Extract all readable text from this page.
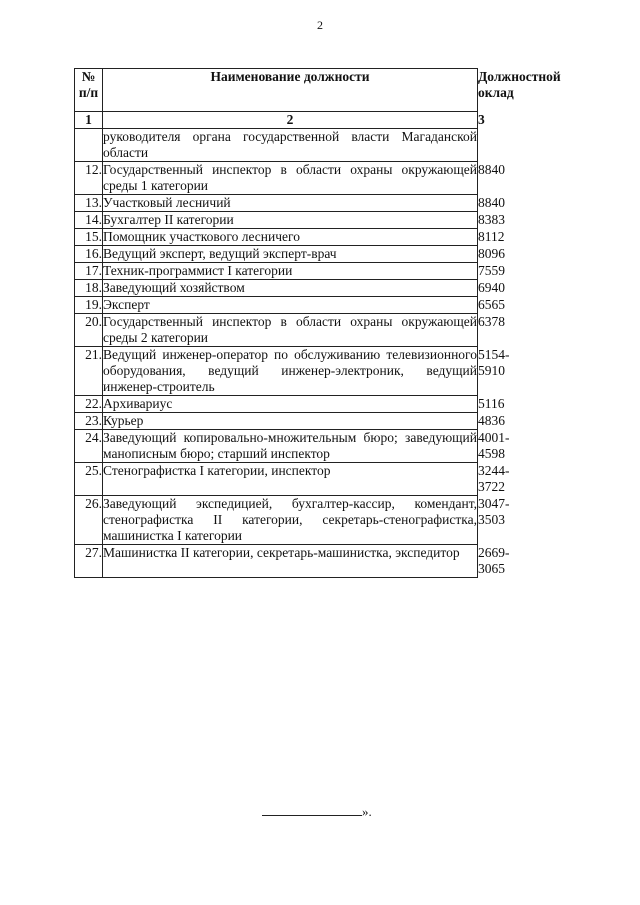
2
№ п/п	Наименование должности	Должностной оклад
1	2	3
	руководителя органа государственной власти Магаданской области	
12.	Государственный инспектор в области охраны окружающей среды 1 категории	8840
13.	Участковый лесничий	8840
14.	Бухгалтер II категории	8383
15.	Помощник участкового лесничего	8112
16.	Ведущий эксперт, ведущий эксперт-врач	8096
17.	Техник-программист I категории	7559
18.	Заведующий хозяйством	6940
19.	Эксперт	6565
20.	Государственный инспектор в области охраны окружающей среды 2 категории	6378
21.	Ведущий инженер-оператор по обслуживанию телевизионного оборудования, ведущий инженер-электроник, ведущий инженер-строитель	5154-5910
22.	Архивариус	5116
23.	Курьер	4836
24.	Заведующий копировально-множительным бюро; заведующий манописным бюро; старший инспектор	4001-4598
25.	Стенографистка I категории, инспектор	3244-3722
26.	Заведующий экспедицией, бухгалтер-кассир, комендант, стенографистка II категории, секретарь-стенографистка, машинистка I категории	3047-3503
27.	Машинистка II категории, секретарь-машинистка, экспедитор	2669-3065
».
